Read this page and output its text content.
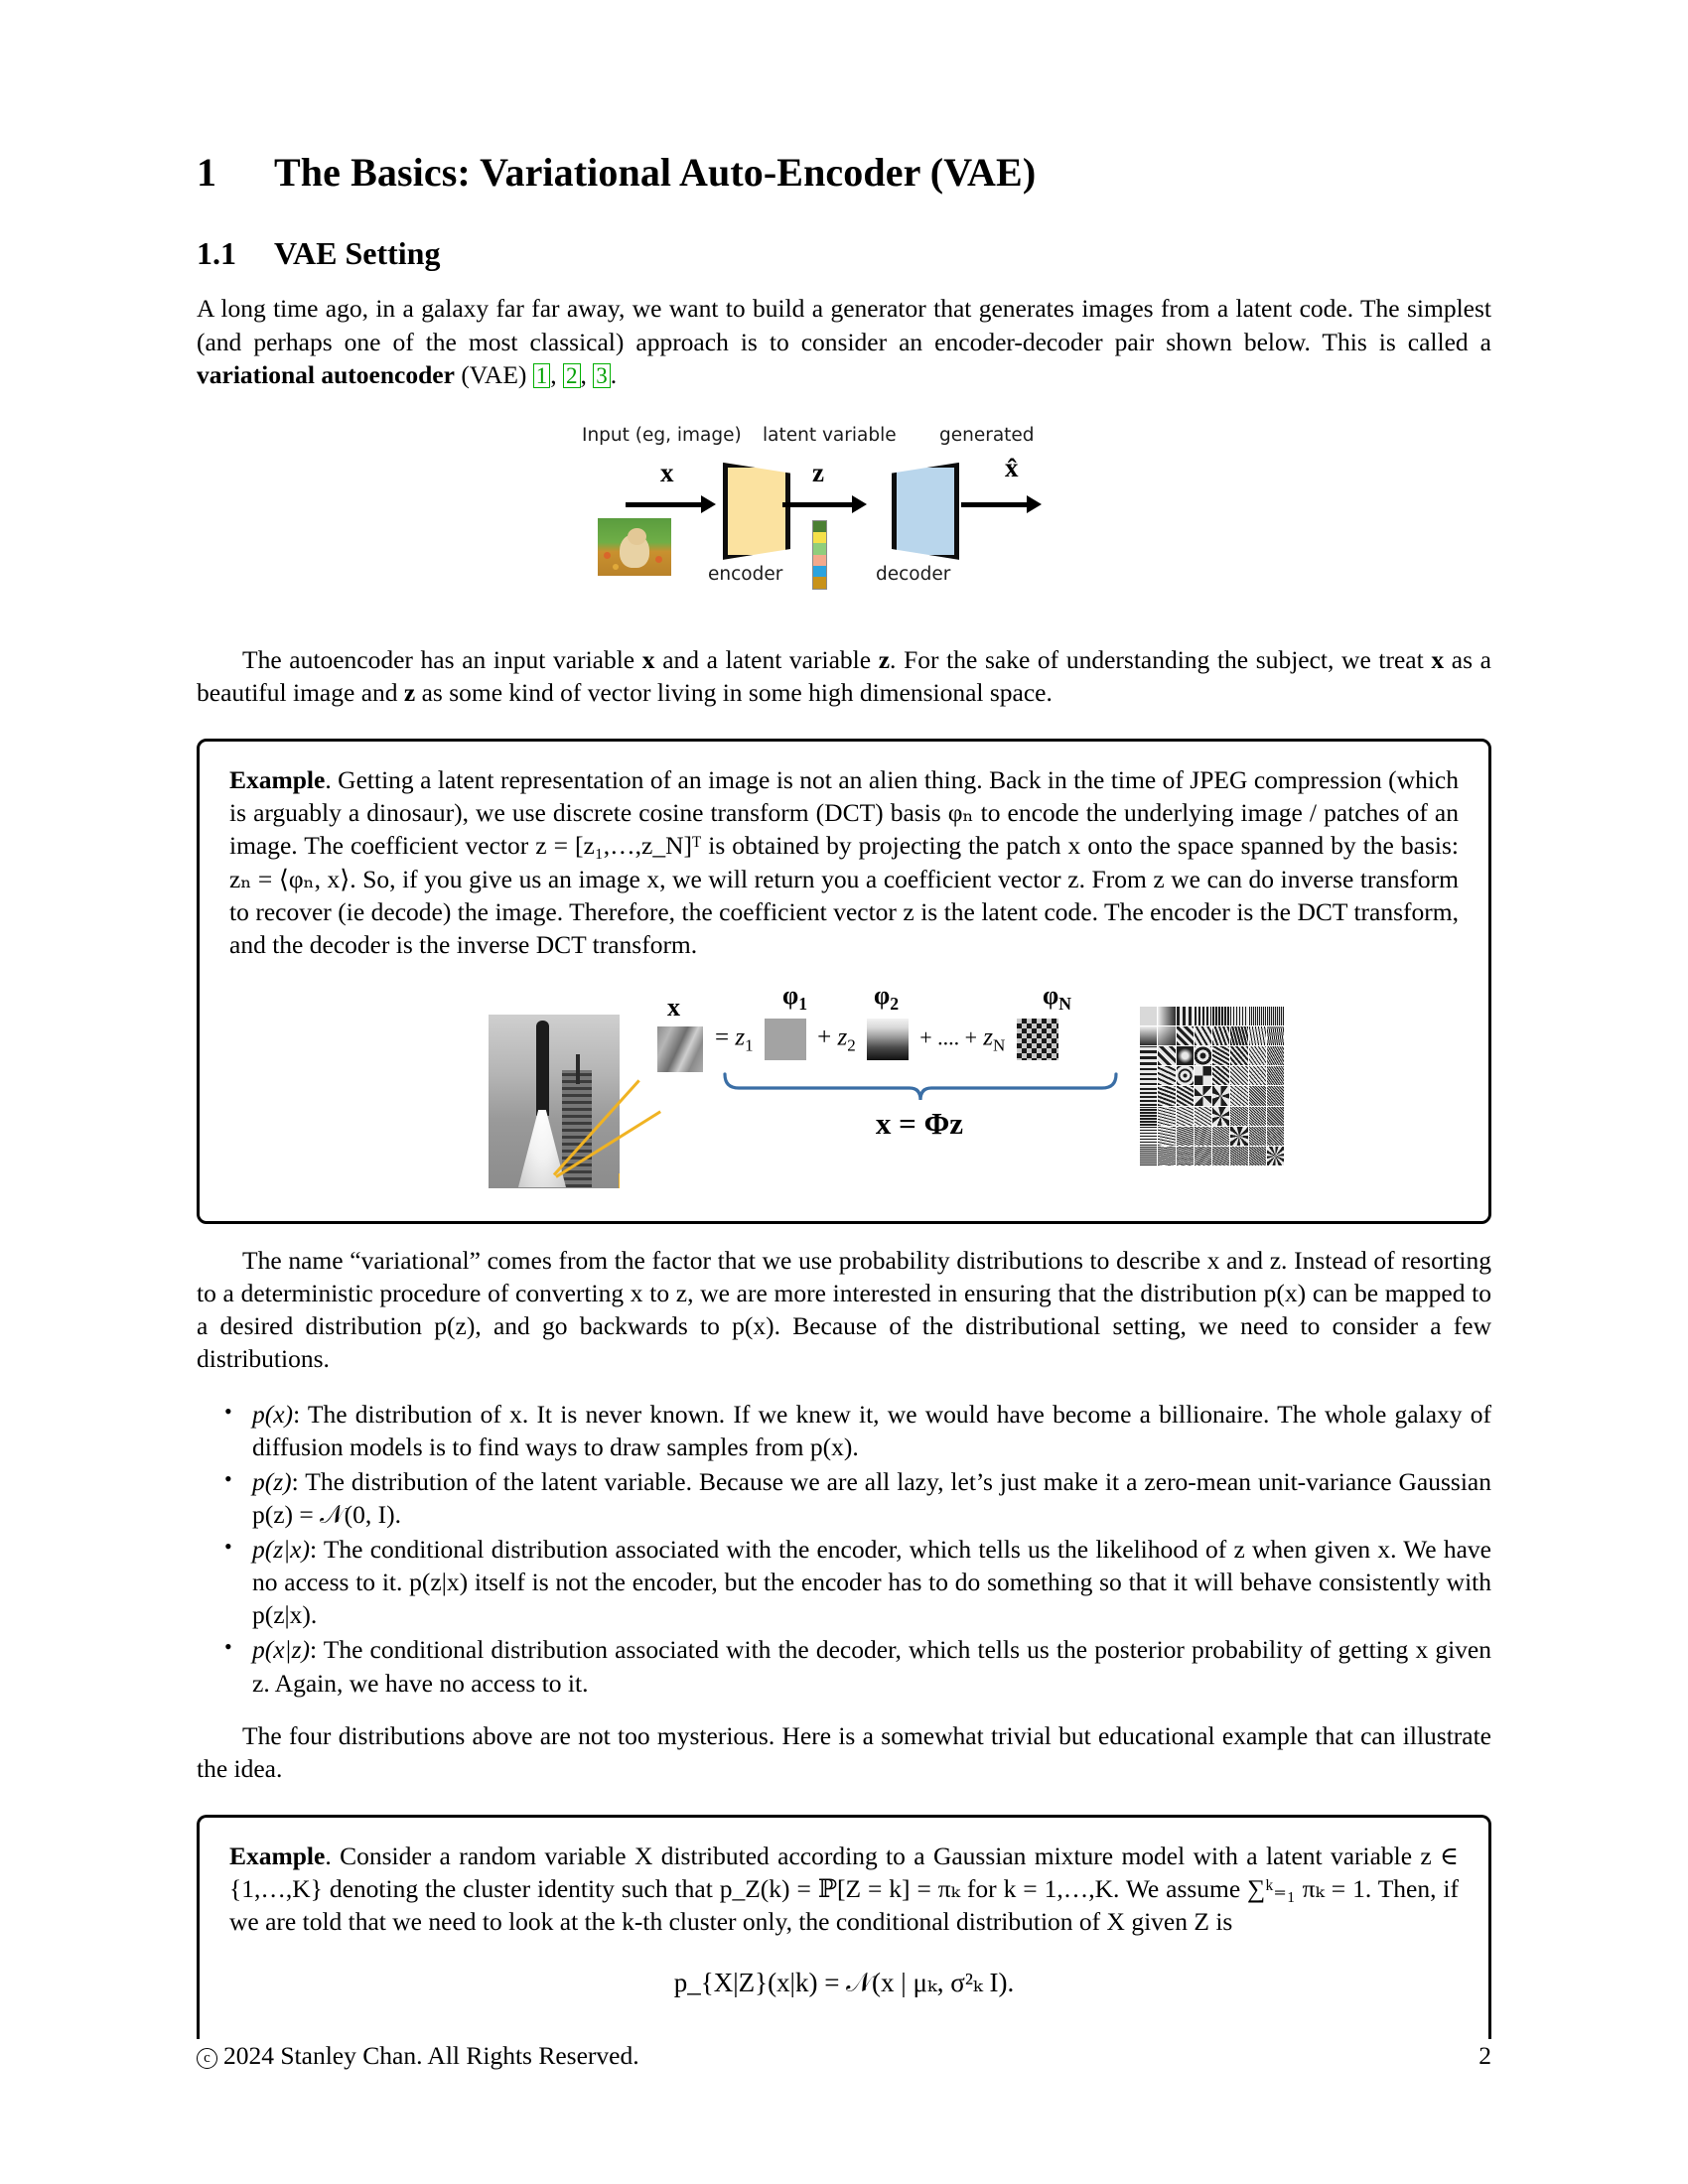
1 The Basics: Variational Auto-Encoder (VAE)
1.1 VAE Setting

A long time ago, in a galaxy far far away, we want to build a generator that generates images from a latent code. The simplest (and perhaps one of the most classical) approach is to consider an encoder-decoder pair shown below. This is called a variational autoencoder (VAE) 1 , 2 , 3 .

Input (eg, image) latent variable generated
x
encoder
z
decoder
x̂

The autoencoder has an input variable x and a latent variable z. For the sake of understanding the subject, we treat x as a beautiful image and z as some kind of vector living in some high dimensional space.

Example. Getting a latent representation of an image is not an alien thing. Back in the time of JPEG compression (which is arguably a dinosaur), we use discrete cosine transform (DCT) basis φₙ to encode the underlying image / patches of an image. The coefficient vector z = [z₁,…,z_N]ᵀ is obtained by projecting the patch x onto the space spanned by the basis: zₙ = ⟨φₙ, x⟩. So, if you give us an image x, we will return you a coefficient vector z. From z we can do inverse transform to recover (ie decode) the image. Therefore, the coefficient vector z is the latent code. The encoder is the DCT transform, and the decoder is the inverse DCT transform.

x
= $z_1$	+ $z_2$	+ .... + $z_N$
$\varphi_1$	$\varphi_2$	$\varphi_N$
x = Φz

The name “variational” comes from the factor that we use probability distributions to describe x and z. Instead of resorting to a deterministic procedure of converting x to z, we are more interested in ensuring that the distribution p(x) can be mapped to a desired distribution p(z), and go backwards to p(x). Because of the distributional setting, we need to consider a few distributions.

• p(x): The distribution of x. It is never known. If we knew it, we would have become a billionaire. The whole galaxy of diffusion models is to find ways to draw samples from p(x).
• p(z): The distribution of the latent variable. Because we are all lazy, let’s just make it a zero-mean unit-variance Gaussian p(z) = 𝒩(0, I).
• p(z|x): The conditional distribution associated with the encoder, which tells us the likelihood of z when given x. We have no access to it. p(z|x) itself is not the encoder, but the encoder has to do something so that it will behave consistently with p(z|x).
• p(x|z): The conditional distribution associated with the decoder, which tells us the posterior probability of getting x given z. Again, we have no access to it.

The four distributions above are not too mysterious. Here is a somewhat trivial but educational example that can illustrate the idea.

Example. Consider a random variable X distributed according to a Gaussian mixture model with a latent variable z ∈ {1,…,K} denoting the cluster identity such that p_Z(k) = ℙ[Z = k] = πₖ for k = 1,…,K. We assume ∑ᵏ₌₁ πₖ = 1. Then, if we are told that we need to look at the k-th cluster only, the conditional distribution of X given Z is

p_{X|Z}(x|k) = 𝒩(x | μₖ, σ²ₖ I).
c 2024 Stanley Chan. All Rights Reserved.	2
